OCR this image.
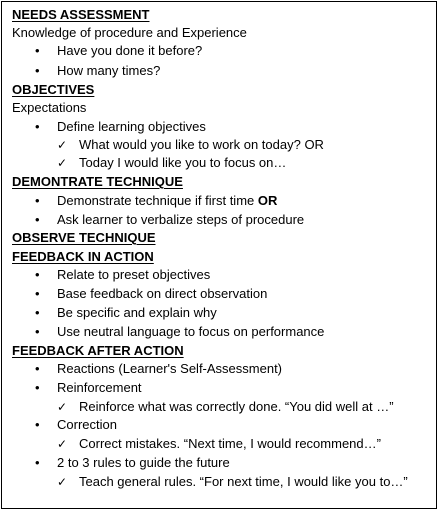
NEEDS ASSESSMENT
Knowledge of procedure and Experience
• Have you done it before?
• How many times?
OBJECTIVES
Expectations
• Define learning objectives
✓ What would you like to work on today? OR
✓ Today I would like you to focus on…
DEMONTRATE TECHNIQUE
• Demonstrate technique if first time OR
• Ask learner to verbalize steps of procedure
OBSERVE TECHNIQUE
FEEDBACK IN ACTION
• Relate to preset objectives
• Base feedback on direct observation
• Be specific and explain why
• Use neutral language to focus on performance
FEEDBACK AFTER ACTION
• Reactions (Learner's Self-Assessment)
• Reinforcement
✓ Reinforce what was correctly done. “You did well at …”
• Correction
✓ Correct mistakes. “Next time, I would recommend…”
• 2 to 3 rules to guide the future
✓ Teach general rules. “For next time, I would like you to…”
